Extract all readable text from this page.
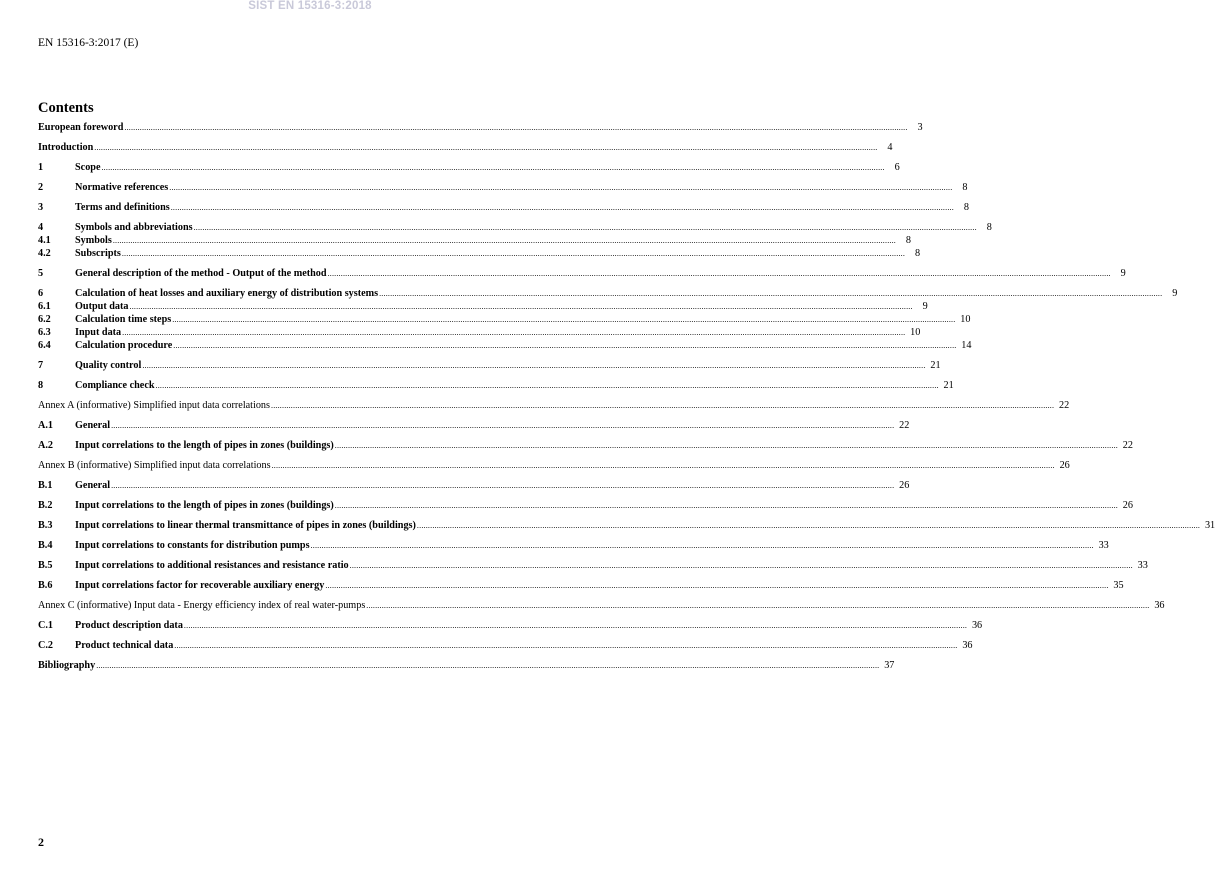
SIST EN 15316-3:2018
EN 15316-3:2017 (E)
Contents
European foreword .....	3
Introduction .....	4
1	Scope .....	6
2	Normative references .....	8
3	Terms and definitions .....	8
4	Symbols and abbreviations .....	8
4.1	Symbols .....	8
4.2	Subscripts .....	8
5	General description of the method - Output of the method .....	9
6	Calculation of heat losses and auxiliary energy of distribution systems .....	9
6.1	Output data .....	9
6.2	Calculation time steps .....	10
6.3	Input data .....	10
6.4	Calculation procedure .....	14
7	Quality control .....	21
8	Compliance check .....	21
Annex A (informative) Simplified input data correlations .....	22
A.1	General .....	22
A.2	Input correlations to the length of pipes in zones (buildings) .....	22
Annex B (informative) Simplified input data correlations .....	26
B.1	General .....	26
B.2	Input correlations to the length of pipes in zones (buildings) .....	26
B.3	Input correlations to linear thermal transmittance of pipes in zones (buildings) .....	31
B.4	Input correlations to constants for distribution pumps .....	33
B.5	Input correlations to additional resistances and resistance ratio .....	33
B.6	Input correlations factor for recoverable auxiliary energy .....	35
Annex C (informative) Input data - Energy efficiency index of real water-pumps .....	36
C.1	Product description data .....	36
C.2	Product technical data .....	36
Bibliography .....	37
2
